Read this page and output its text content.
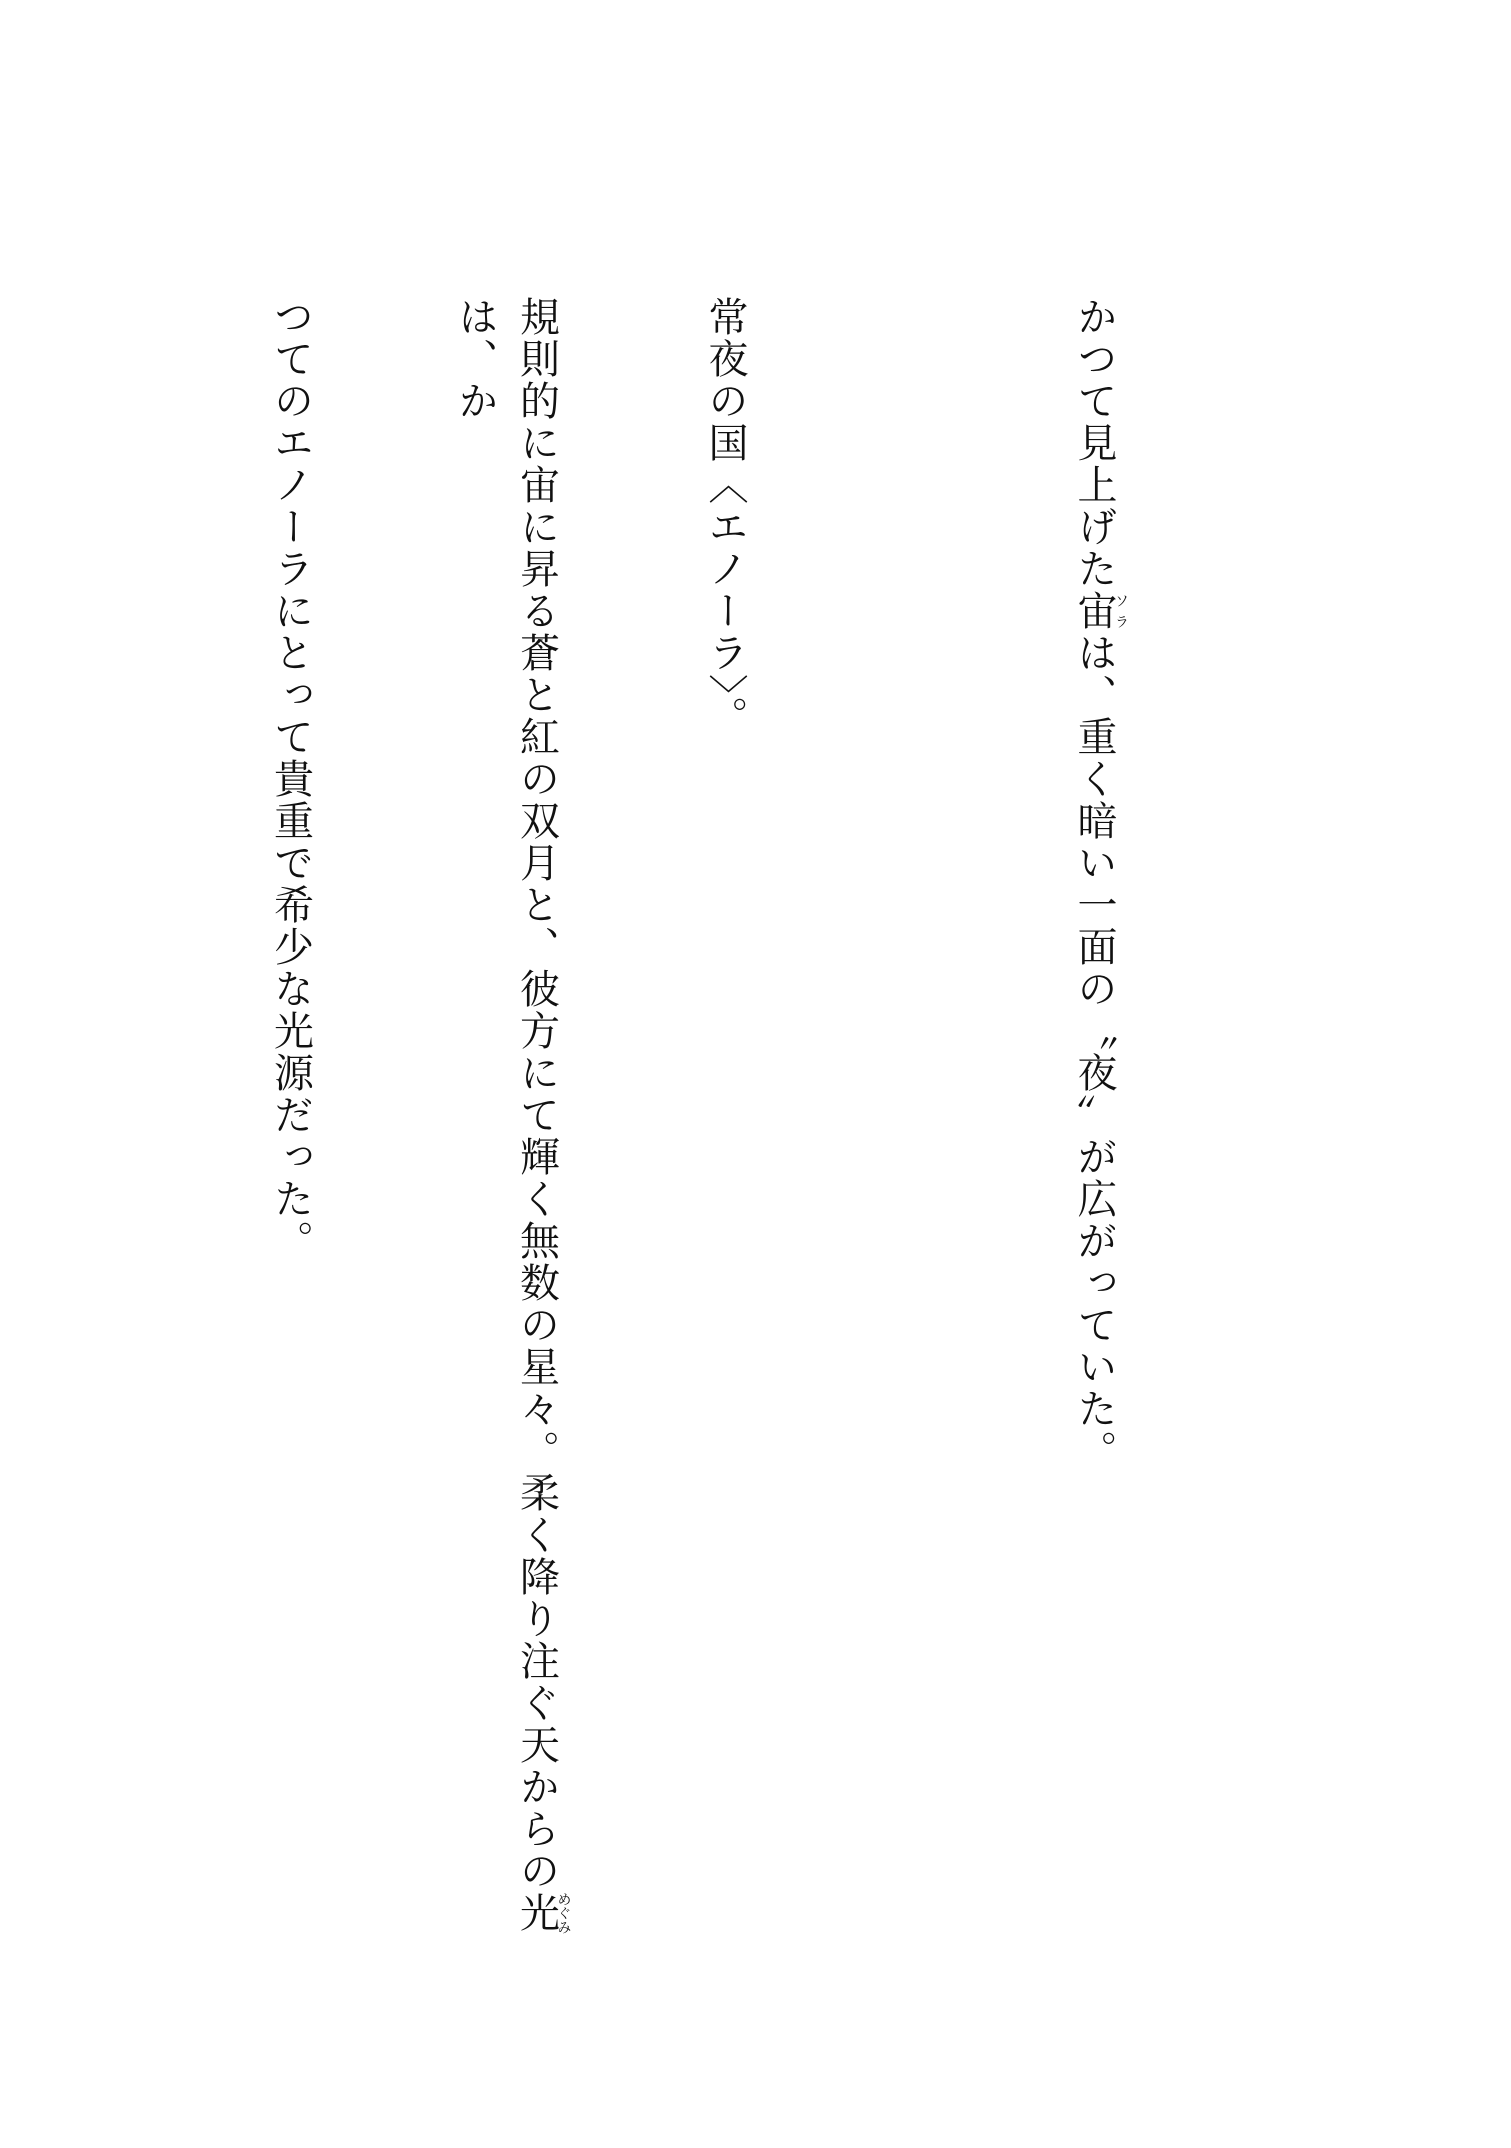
かつて見上げた宙ソラは、重く暗い一面の〝夜〟が広がっていた。

常夜の国〈エノーラ〉。

規則的に宙に昇る蒼と紅の双月と、彼方にて輝く無数の星々。柔く降り注ぐ天からの光めぐみは、か

つてのエノーラにとって貴重で希少な光源だった。
